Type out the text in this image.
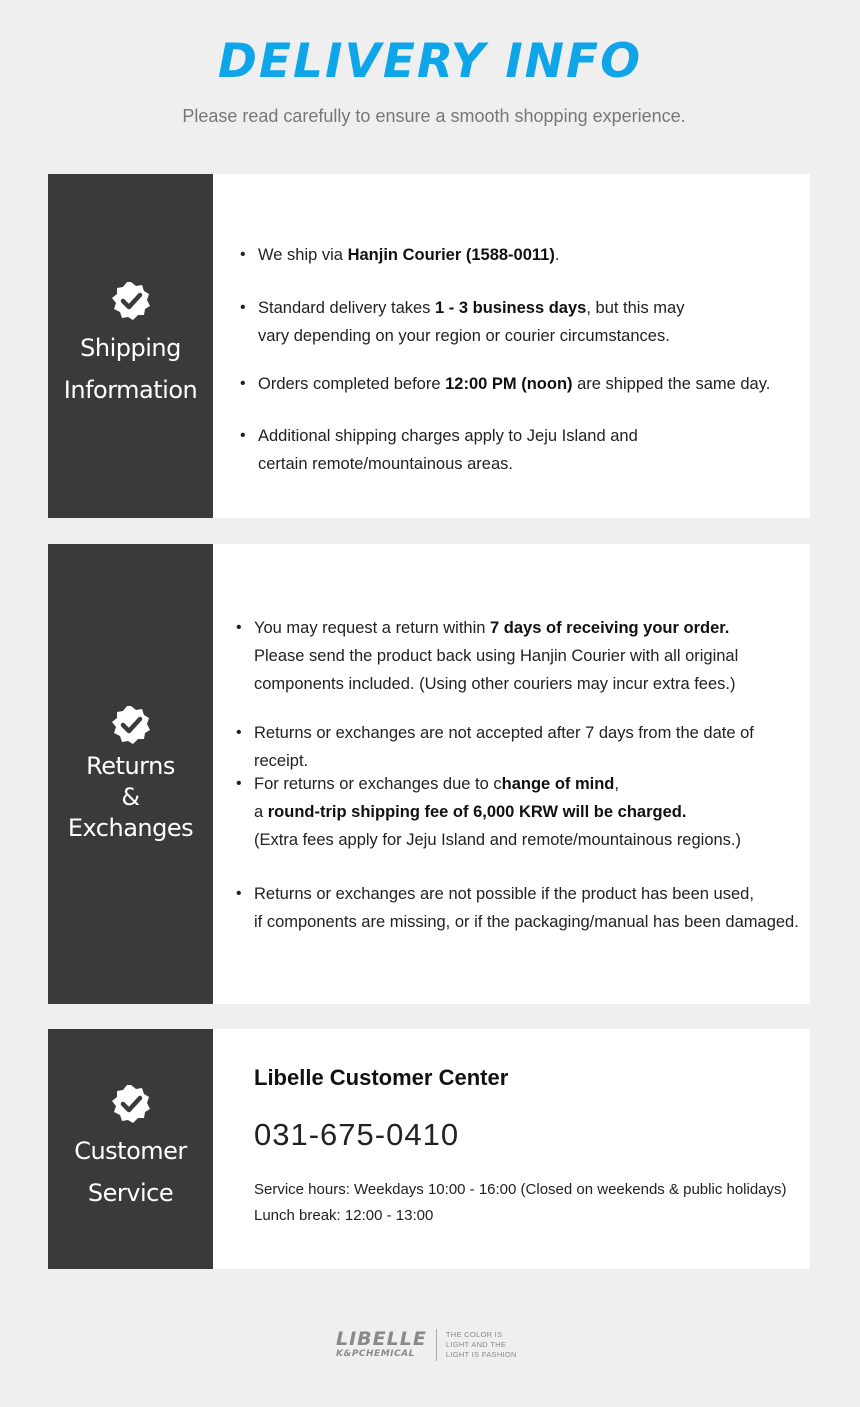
DELIVERY INFO
Please read carefully to ensure a smooth shopping experience.
Shipping
Information
• We ship via Hanjin Courier (1588-0011).
• Standard delivery takes 1 - 3 business days, but this may
vary depending on your region or courier circumstances.
• Orders completed before 12:00 PM (noon) are shipped the same day.
• Additional shipping charges apply to Jeju Island and
certain remote/mountainous areas.
Returns
&
Exchanges
• You may request a return within 7 days of receiving your order.
Please send the product back using Hanjin Courier with all original
components included. (Using other couriers may incur extra fees.)
• Returns or exchanges are not accepted after 7 days from the date of receipt.
• For returns or exchanges due to change of mind,
a round-trip shipping fee of 6,000 KRW will be charged.
(Extra fees apply for Jeju Island and remote/mountainous regions.)
• Returns or exchanges are not possible if the product has been used,
if components are missing, or if the packaging/manual has been damaged.
Customer
Service
Libelle Customer Center
031-675-0410
Service hours: Weekdays 10:00 - 16:00 (Closed on weekends & public holidays)
Lunch break: 12:00 - 13:00
LIBELLE
K&PCHEMICAL
THE COLOR IS
LIGHT AND THE
LIGHT IS FASHION
